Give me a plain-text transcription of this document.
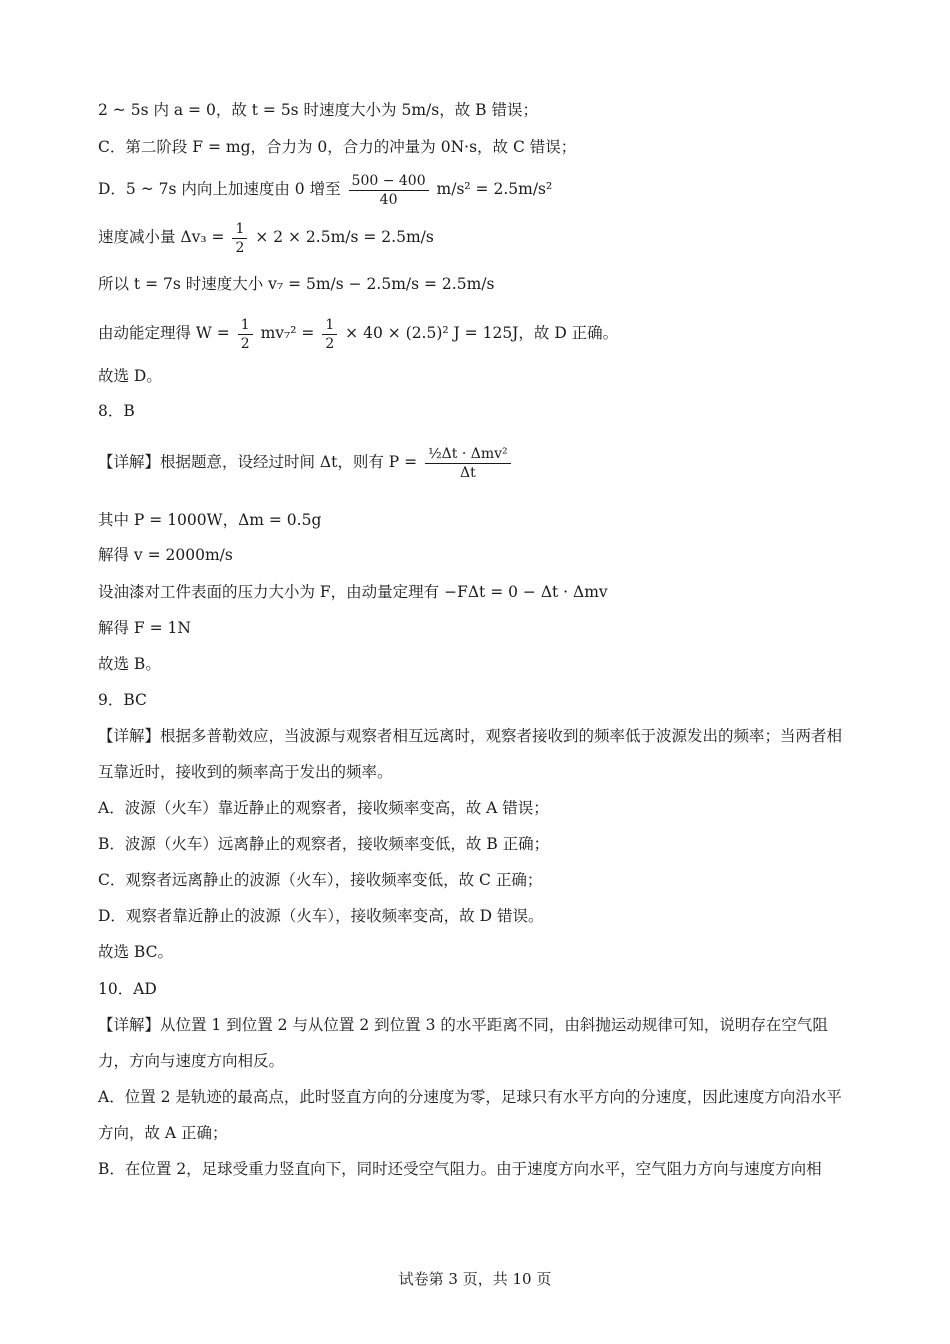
2 ~ 5s 内 a = 0，故 t = 5s 时速度大小为 5m/s，故 B 错误；
C．第二阶段 F = mg，合力为 0，合力的冲量为 0N·s，故 C 错误；
D．5 ~ 7s 内向上加速度由 0 增至 $\frac{500 - 400}{40} m/s^2 = 2.5m/s^2$
速度减小量 $\Delta v_3 = \frac{1}{2} \times 2 \times 2.5m/s = 2.5m/s$
所以 t = 7s 时速度大小 v₇ = 5m/s − 2.5m/s = 2.5m/s
由动能定理得 $W = \frac{1}{2} mv_7^2 = \frac{1}{2} \times 40 \times (2.5)^2$ J = 125J，故 D 正确。
故选 D。
8．B
【详解】根据题意，设经过时间 Δt，则有 $P = \frac{\text{½Δt · Δmv²}}{\Delta t}$
其中 P = 1000W，Δm = 0.5g
解得 v = 2000m/s
设油漆对工件表面的压力大小为 F，由动量定理有 −FΔt = 0 − Δt · Δmv
解得 F = 1N
故选 B。
9．BC
【详解】根据多普勒效应，当波源与观察者相互远离时，观察者接收到的频率低于波源发出的频率；当两者相互靠近时，接收到的频率高于发出的频率。
A．波源（火车）靠近静止的观察者，接收频率变高，故 A 错误；
B．波源（火车）远离静止的观察者，接收频率变低，故 B 正确；
C．观察者远离静止的波源（火车），接收频率变低，故 C 正确；
D．观察者靠近静止的波源（火车），接收频率变高，故 D 错误。
故选 BC。
10．AD
【详解】从位置 1 到位置 2 与从位置 2 到位置 3 的水平距离不同，由斜抛运动规律可知，说明存在空气阻力，方向与速度方向相反。
A．位置 2 是轨迹的最高点，此时竖直方向的分速度为零，足球只有水平方向的分速度，因此速度方向沿水平方向，故 A 正确；
B．在位置 2，足球受重力竖直向下，同时还受空气阻力。由于速度方向水平，空气阻力方向与速度方向相
试卷第 3 页，共 10 页
